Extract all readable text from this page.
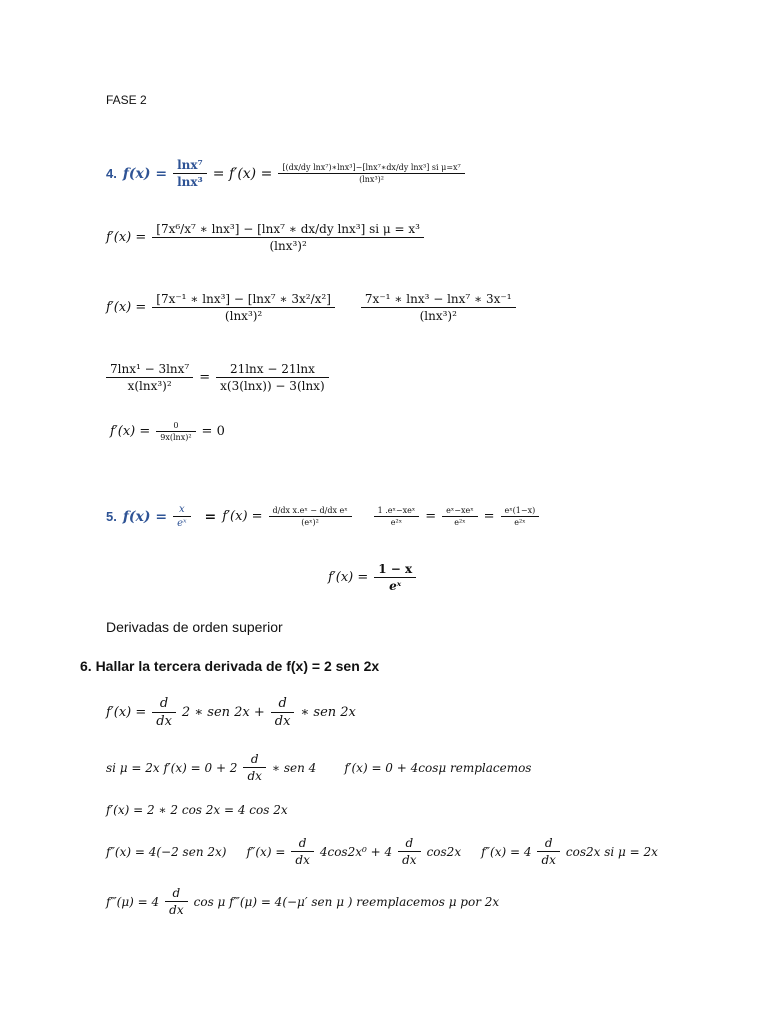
FASE 2
4. $f(x) = \frac{\text{lnx⁷}}{\text{lnx³}} = f'(x) = \frac{\text{[(dx/dy lnx⁷)∗lnx³]−[lnx⁷∗dx/dy lnx³] si μ=x⁷}}{\text{(lnx³)²}}$
$f'(x) = \frac{\text{[7x⁶/x⁷ ∗ lnx³] − [lnx⁷ ∗ dx/dy lnx³] si μ = x³}}{\text{(lnx³)²}}$
$f'(x) = \frac{\text{[7x⁻¹ ∗ lnx³] − [lnx⁷ ∗ 3x²/x²]}}{\text{(lnx³)²}} \frac{\text{7x⁻¹ ∗ lnx³ − lnx⁷ ∗ 3x⁻¹}}{\text{(lnx³)²}}$
$\frac{\text{7lnx¹ − 3lnx⁷}}{\text{x(lnx³)²}} = \frac{21\ln x - 21\ln x}{x(3(\ln x)) - 3(\ln x)}$
$f'(x) = \frac{0}{\text{9x(lnx)²}} = 0$
5. $f(x) = \frac{x}{\text{eˣ}} = f'(x) = \frac{\text{d/dx x.eˣ − d/dx eˣ}}{\text{(eˣ)²}}$	$\frac{\text{1 .eˣ−xeˣ}}{\text{e²ˣ}} = \frac{\text{eˣ−xeˣ}}{\text{e²ˣ}} = \frac{\text{eˣ(1−x)}}{\text{e²ˣ}}$
$f'(x) = \frac{1 - x}{\text{eˣ}}$
Derivadas de orden superior
6. Hallar la tercera derivada de f(x) = 2 sen 2x
$f'(x) = \frac{d}{dx} 2$ ∗ sen $2x + \frac{d}{dx}$ ∗ sen 2x
si μ = 2x $f'(x) = 0 + 2 \frac{d}{dx}$ ∗ sen 4 f′(x) = 0 + 4cosμ remplacemos
f′(x) = 2 ∗ 2 cos 2x = 4 cos 2x
f″(x) = 4(−2 sen 2x) $f''(x) = \frac{d}{dx} 4\cos 2x^0 + 4 \frac{d}{dx} \cos 2x$ $f''(x) = 4 \frac{d}{dx} \cos 2x$ si μ = 2x
f‴(μ) = $4 \frac{d}{dx}$ cos μ f‴(μ) = 4(−μ′ sen μ ) reemplacemos μ por 2x
